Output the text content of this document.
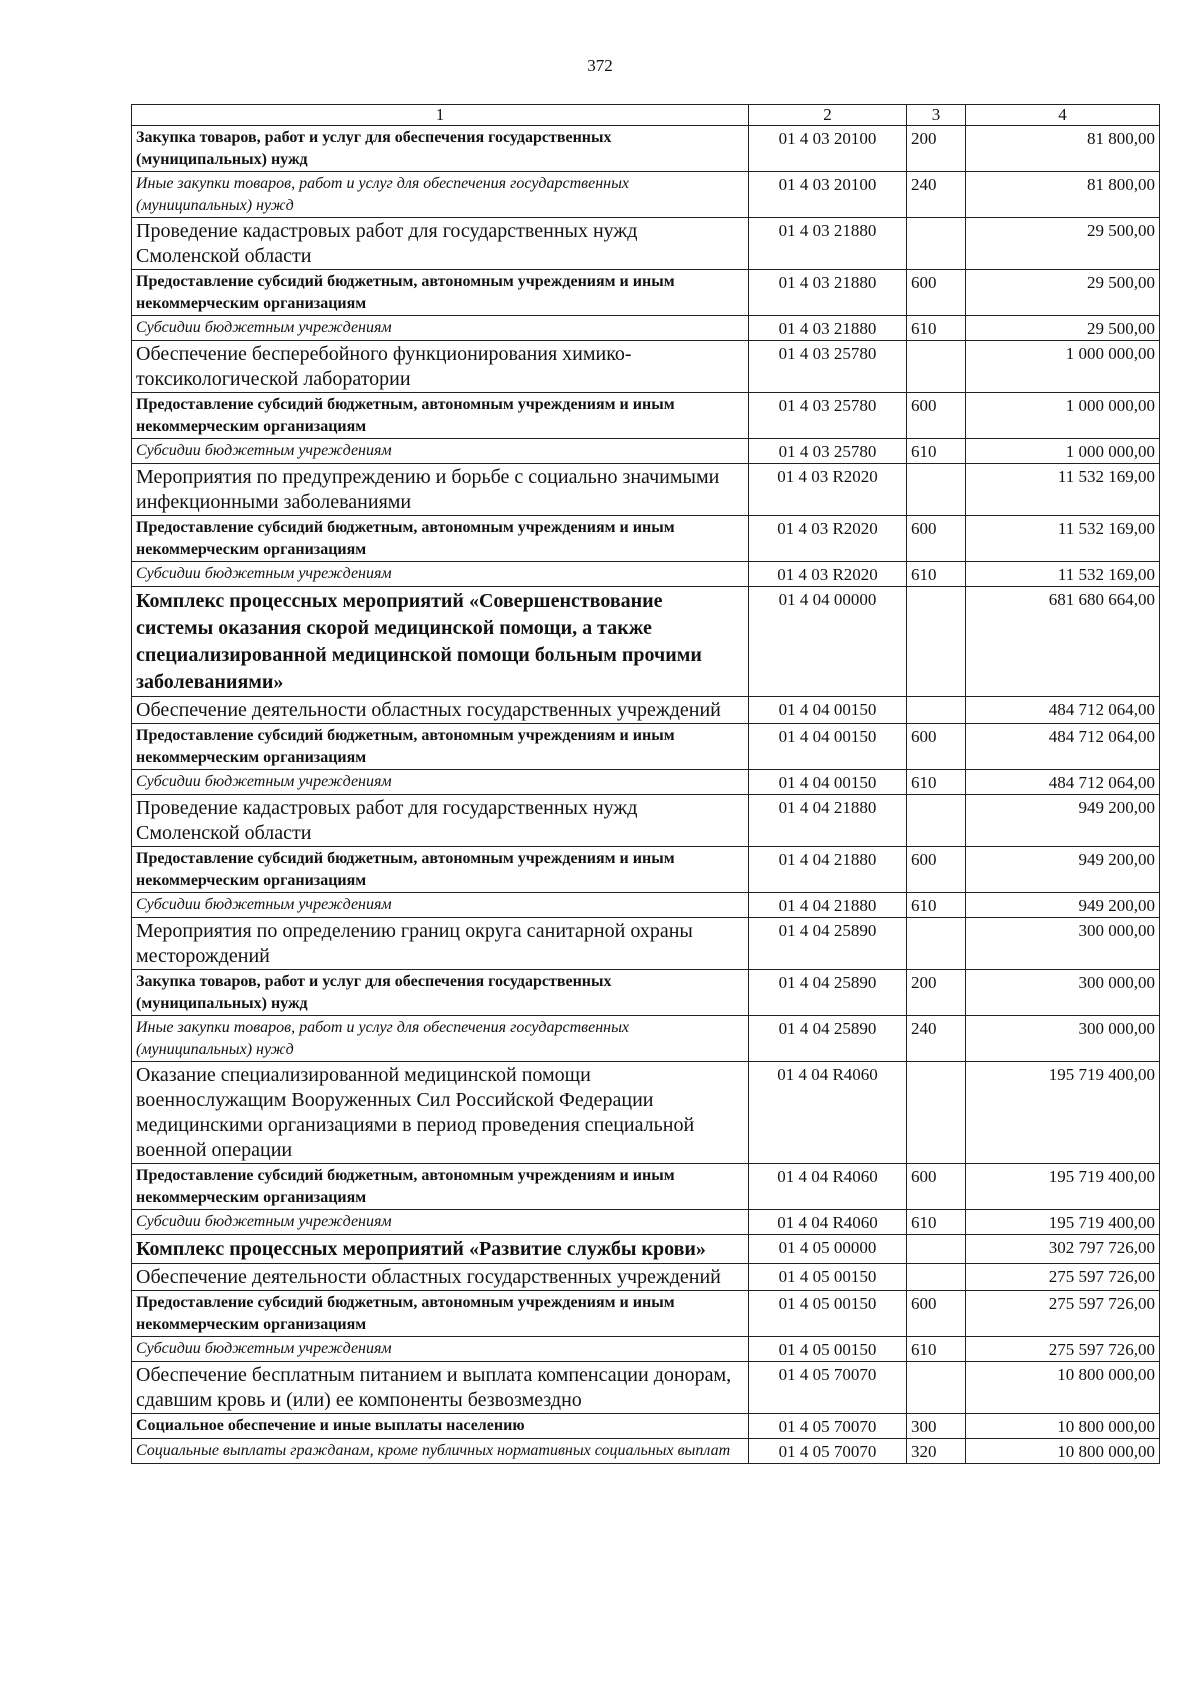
372
1	2	3	4
Закупка товаров, работ и услуг для обеспечения государственных (муниципальных) нужд	01 4 03 20100	200	81 800,00
Иные закупки товаров, работ и услуг для обеспечения государственных (муниципальных) нужд	01 4 03 20100	240	81 800,00
Проведение кадастровых работ для государственных нужд Смоленской области	01 4 03 21880		29 500,00
Предоставление субсидий бюджетным, автономным учреждениям и иным некоммерческим организациям	01 4 03 21880	600	29 500,00
Субсидии бюджетным учреждениям	01 4 03 21880	610	29 500,00
Обеспечение бесперебойного функционирования химико-токсикологической лаборатории	01 4 03 25780		1 000 000,00
Предоставление субсидий бюджетным, автономным учреждениям и иным некоммерческим организациям	01 4 03 25780	600	1 000 000,00
Субсидии бюджетным учреждениям	01 4 03 25780	610	1 000 000,00
Мероприятия по предупреждению и борьбе с социально значимыми инфекционными заболеваниями	01 4 03 R2020		11 532 169,00
Предоставление субсидий бюджетным, автономным учреждениям и иным некоммерческим организациям	01 4 03 R2020	600	11 532 169,00
Субсидии бюджетным учреждениям	01 4 03 R2020	610	11 532 169,00
Комплекс процессных мероприятий «Совершенствование системы оказания скорой медицинской помощи, а также специализированной медицинской помощи больным прочими заболеваниями»	01 4 04 00000		681 680 664,00
Обеспечение деятельности областных государственных учреждений	01 4 04 00150		484 712 064,00
Предоставление субсидий бюджетным, автономным учреждениям и иным некоммерческим организациям	01 4 04 00150	600	484 712 064,00
Субсидии бюджетным учреждениям	01 4 04 00150	610	484 712 064,00
Проведение кадастровых работ для государственных нужд Смоленской области	01 4 04 21880		949 200,00
Предоставление субсидий бюджетным, автономным учреждениям и иным некоммерческим организациям	01 4 04 21880	600	949 200,00
Субсидии бюджетным учреждениям	01 4 04 21880	610	949 200,00
Мероприятия по определению границ округа санитарной охраны месторождений	01 4 04 25890		300 000,00
Закупка товаров, работ и услуг для обеспечения государственных (муниципальных) нужд	01 4 04 25890	200	300 000,00
Иные закупки товаров, работ и услуг для обеспечения государственных (муниципальных) нужд	01 4 04 25890	240	300 000,00
Оказание специализированной медицинской помощи военнослужащим Вооруженных Сил Российской Федерации медицинскими организациями в период проведения специальной военной операции	01 4 04 R4060		195 719 400,00
Предоставление субсидий бюджетным, автономным учреждениям и иным некоммерческим организациям	01 4 04 R4060	600	195 719 400,00
Субсидии бюджетным учреждениям	01 4 04 R4060	610	195 719 400,00
Комплекс процессных мероприятий «Развитие службы крови»	01 4 05 00000		302 797 726,00
Обеспечение деятельности областных государственных учреждений	01 4 05 00150		275 597 726,00
Предоставление субсидий бюджетным, автономным учреждениям и иным некоммерческим организациям	01 4 05 00150	600	275 597 726,00
Субсидии бюджетным учреждениям	01 4 05 00150	610	275 597 726,00
Обеспечение бесплатным питанием и выплата компенсации донорам, сдавшим кровь и (или) ее компоненты безвозмездно	01 4 05 70070		10 800 000,00
Социальное обеспечение и иные выплаты населению	01 4 05 70070	300	10 800 000,00
Социальные выплаты гражданам, кроме публичных нормативных социальных выплат	01 4 05 70070	320	10 800 000,00
